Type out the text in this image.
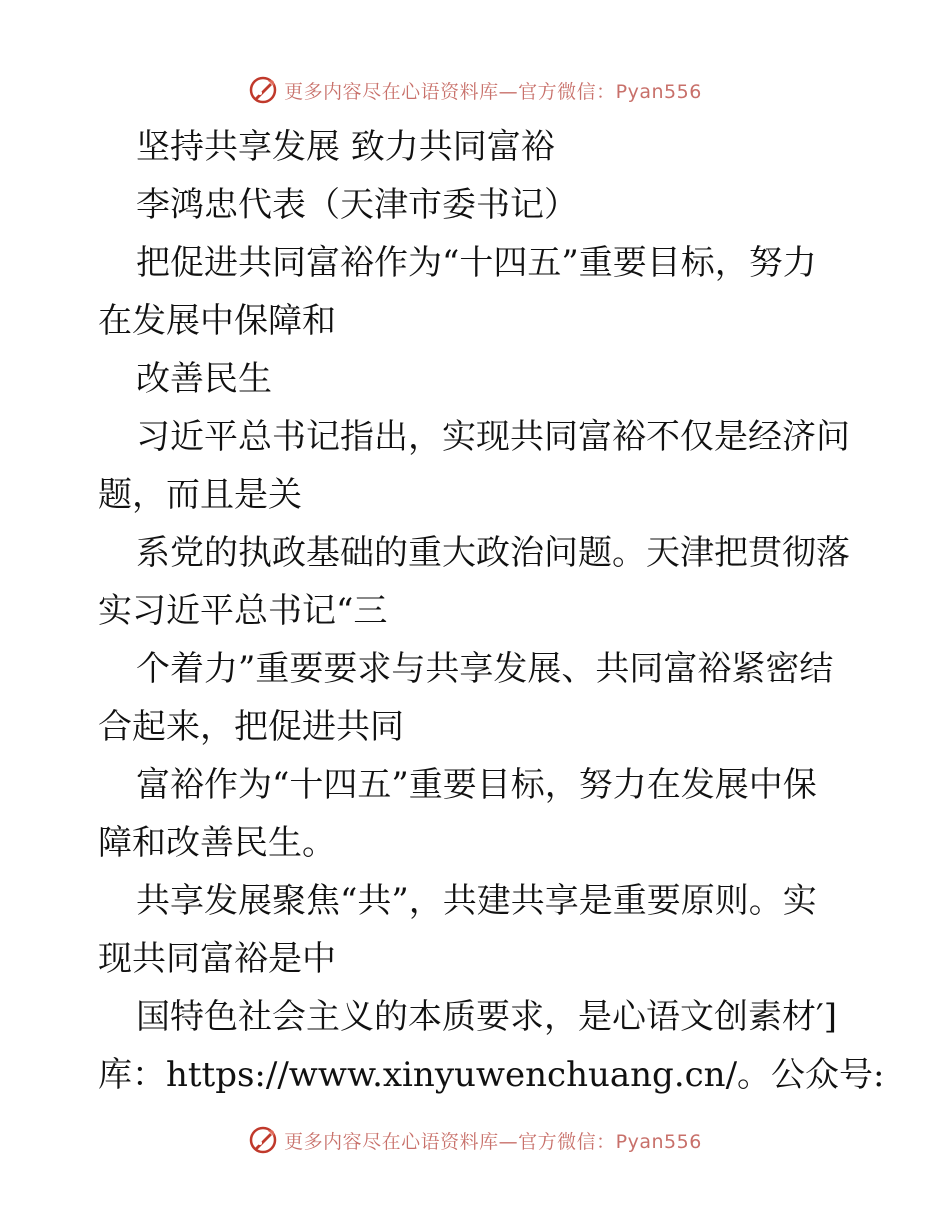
更多内容尽在心语资料库—官方微信：Pyan556
坚持共享发展 致力共同富裕
李鸿忠代表（天津市委书记）
把促进共同富裕作为“十四五”重要目标，努力
在发展中保障和
改善民生
习近平总书记指出，实现共同富裕不仅是经济问
题，而且是关
系党的执政基础的重大政治问题。天津把贯彻落
实习近平总书记“三
个着力”重要要求与共享发展、共同富裕紧密结
合起来，把促进共同
富裕作为“十四五”重要目标，努力在发展中保
障和改善民生。
共享发展聚焦“共”，共建共享是重要原则。实
现共同富裕是中
国特色社会主义的本质要求，是心语文创素材′]
库：https://www.xinyuwenchuang.cn/。公众号:
更多内容尽在心语资料库—官方微信：Pyan556
